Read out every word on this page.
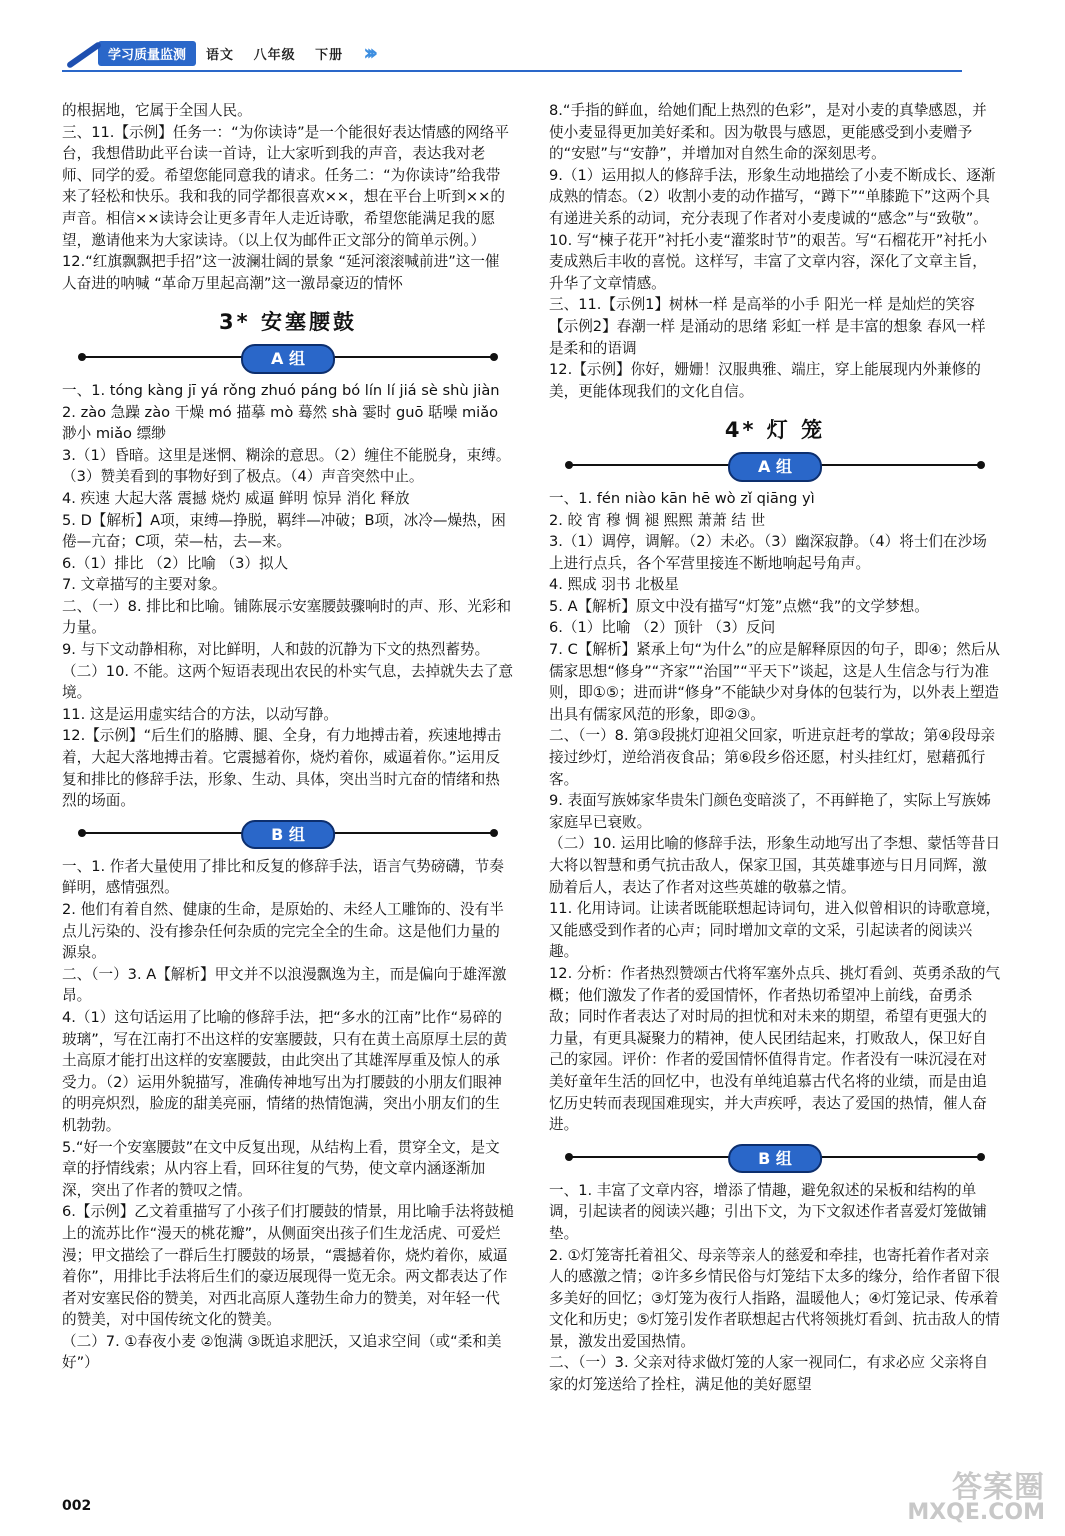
学习质量监测	语文 八年级 下册 ›››

的根据地，它属于全国人民。

三、11.【示例】任务一：“为你读诗”是一个能很好表达情感的网络平台，我想借助此平台读一首诗，让大家听到我的声音，表达我对老师、同学的爱。希望您能同意我的请求。任务二：“为你读诗”给我带来了轻松和快乐。我和我的同学都很喜欢××，想在平台上听到××的声音。相信××读诗会让更多青年人走近诗歌，希望您能满足我的愿望，邀请他来为大家读诗。（以上仅为邮件正文部分的简单示例。）

12.“红旗飘飘把手招”这一波澜壮阔的景象 “延河滚滚喊前进”这一催人奋进的呐喊 “革命万里起高潮”这一激昂豪迈的情怀

3* 安塞腰鼓
A 组

一、1. tóng kàng jī yá rǒng zhuó páng bó lín lí jiá sè shù jiàn

2. zào 急躁 zào 干燥 mó 描摹 mò 蓦然 shà 霎时 guō 聒噪 miǎo 渺小 miǎo 缥缈

3.（1）昏暗。这里是迷惘、糊涂的意思。（2）缠住不能脱身，束缚。（3）赞美看到的事物好到了极点。（4）声音突然中止。

4. 疾速 大起大落 震撼 烧灼 威逼 鲜明 惊异 消化 释放

5. D【解析】A项，束缚—挣脱，羁绊—冲破；B项，冰冷—燥热，困倦—亢奋；C项，荣—枯，去—来。

6.（1）排比 （2）比喻 （3）拟人

7. 文章描写的主要对象。

二、（一）8. 排比和比喻。铺陈展示安塞腰鼓骤响时的声、形、光彩和力量。

9. 与下文动静相称，对比鲜明，人和鼓的沉静为下文的热烈蓄势。

（二）10. 不能。这两个短语表现出农民的朴实气息，去掉就失去了意境。

11. 这是运用虚实结合的方法，以动写静。

12.【示例】“后生们的胳膊、腿、全身，有力地搏击着，疾速地搏击着，大起大落地搏击着。它震撼着你，烧灼着你，威逼着你。”运用反复和排比的修辞手法，形象、生动、具体，突出当时亢奋的情绪和热烈的场面。

B 组

一、1. 作者大量使用了排比和反复的修辞手法，语言气势磅礴，节奏鲜明，感情强烈。

2. 他们有着自然、健康的生命，是原始的、未经人工雕饰的、没有半点儿污染的、没有掺杂任何杂质的完完全全的生命。这是他们力量的源泉。

二、（一）3. A【解析】甲文并不以浪漫飘逸为主，而是偏向于雄浑激昂。

4.（1）这句话运用了比喻的修辞手法，把“多水的江南”比作“易碎的玻璃”，写在江南打不出这样的安塞腰鼓，只有在黄土高原厚土层的黄土高原才能打出这样的安塞腰鼓，由此突出了其雄浑厚重及惊人的承受力。（2）运用外貌描写，准确传神地写出为打腰鼓的小朋友们眼神的明亮炽烈，脸庞的甜美亮丽，情绪的热情饱满，突出小朋友们的生机勃勃。

5.“好一个安塞腰鼓”在文中反复出现，从结构上看，贯穿全文，是文章的抒情线索；从内容上看，回环往复的气势，使文章内涵逐渐加深，突出了作者的赞叹之情。

6.【示例】乙文着重描写了小孩子们打腰鼓的情景，用比喻手法将鼓槌上的流苏比作“漫天的桃花瓣”，从侧面突出孩子们生龙活虎、可爱烂漫；甲文描绘了一群后生打腰鼓的场景，“震撼着你，烧灼着你，威逼着你”，用排比手法将后生们的豪迈展现得一览无余。两文都表达了作者对安塞民俗的赞美，对西北高原人蓬勃生命力的赞美，对年轻一代的赞美，对中国传统文化的赞美。

（二）7. ①春夜小麦 ②饱满 ③既追求肥沃，又追求空间（或“柔和美好”）

8.“手指的鲜血，给她们配上热烈的色彩”，是对小麦的真挚感恩，并使小麦显得更加美好柔和。因为敬畏与感恩，更能感受到小麦赠予的“安慰”与“安静”，并增加对自然生命的深刻思考。

9.（1）运用拟人的修辞手法，形象生动地描绘了小麦不断成长、逐渐成熟的情态。（2）收割小麦的动作描写，“蹲下”“单膝跪下”这两个具有递进关系的动词，充分表现了作者对小麦虔诚的“感念”与“致敬”。

10. 写“楝子花开”衬托小麦“灌浆时节”的艰苦。写“石榴花开”衬托小麦成熟后丰收的喜悦。这样写，丰富了文章内容，深化了文章主旨，升华了文章情感。

三、11.【示例1】树林一样 是高举的小手 阳光一样 是灿烂的笑容【示例2】春潮一样 是涌动的思绪 彩虹一样 是丰富的想象 春风一样 是柔和的语调

12.【示例】你好，姗姗！汉服典雅、端庄，穿上能展现内外兼修的美，更能体现我们的文化自信。

4* 灯 笼
A 组

一、1. fén niào kān hē wò zǐ qiāng yì

2. 皎 宵 穆 惆 褪 熙熙 萧萧 结 世

3.（1）调停，调解。（2）未必。（3）幽深寂静。（4）将士们在沙场上进行点兵，各个军营里接连不断地响起号角声。

4. 熙成 羽书 北极星

5. A【解析】原文中没有描写“灯笼”点燃“我”的文学梦想。

6.（1）比喻 （2）顶针 （3）反问

7. C【解析】紧承上句“为什么”的应是解释原因的句子，即④；然后从儒家思想“修身”“齐家”“治国”“平天下”谈起，这是人生信念与行为准则，即①⑤；进而讲“修身”不能缺少对身体的包装行为，以外表上塑造出具有儒家风范的形象，即②③。

二、（一）8. 第③段挑灯迎祖父回家，听进京赶考的掌故；第④段母亲接过纱灯，逆给消夜食品；第⑥段乡俗还愿，村头挂红灯，慰藉孤行客。

9. 表面写族姊家华贵朱门颜色变暗淡了，不再鲜艳了，实际上写族姊家庭早已衰败。

（二）10. 运用比喻的修辞手法，形象生动地写出了李想、蒙恬等昔日大将以智慧和勇气抗击敌人，保家卫国，其英雄事迹与日月同辉，激励着后人，表达了作者对这些英雄的敬慕之情。

11. 化用诗词。让读者既能联想起诗词句，进入似曾相识的诗歌意境，又能感受到作者的心声；同时增加文章的文采，引起读者的阅读兴趣。

12. 分析：作者热烈赞颂古代将军塞外点兵、挑灯看剑、英勇杀敌的气概；他们激发了作者的爱国情怀，作者热切希望冲上前线，奋勇杀敌；同时作者表达了对时局的担忧和对未来的期望，希望有更强大的力量，有更具凝聚力的精神，使人民团结起来，打败敌人，保卫好自己的家园。评价：作者的爱国情怀值得肯定。作者没有一味沉浸在对美好童年生活的回忆中，也没有单纯追慕古代名将的业绩，而是由追忆历史转而表现国难现实，并大声疾呼，表达了爱国的热情，催人奋进。

B 组

一、1. 丰富了文章内容，增添了情趣，避免叙述的呆板和结构的单调，引起读者的阅读兴趣；引出下文，为下文叙述作者喜爱灯笼做铺垫。

2. ①灯笼寄托着祖父、母亲等亲人的慈爱和牵挂，也寄托着作者对亲人的感激之情；②许多乡情民俗与灯笼结下太多的缘分，给作者留下很多美好的回忆；③灯笼为夜行人指路，温暖他人；④灯笼记录、传承着文化和历史；⑤灯笼引发作者联想起古代将领挑灯看剑、抗击敌人的情景，激发出爱国热情。

二、（一）3. 父亲对待求做灯笼的人家一视同仁，有求必应 父亲将自家的灯笼送给了拴柱，满足他的美好愿望

002
答案圈
MXQE.COM
